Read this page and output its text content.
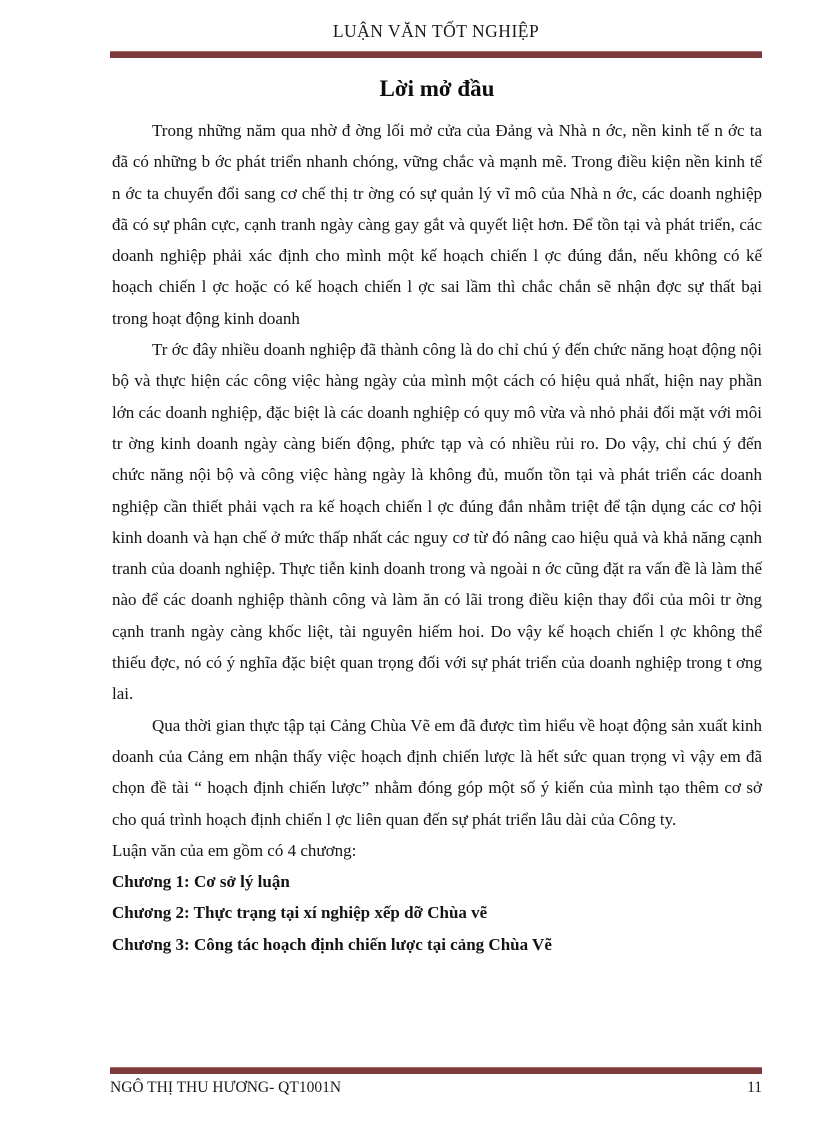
LUẬN VĂN TỐT NGHIỆP
Lời mở đầu

Trong những năm qua nhờ đ ờng lối mở cửa của Đảng và Nhà n ớc, nền kinh tế n ớc ta đã có những b ớc phát triển nhanh chóng, vững chắc và mạnh mẽ. Trong điều kiện nền kinh tế n ớc ta chuyển đổi sang cơ chế thị tr ờng có sự quản lý vĩ mô của Nhà n ớc, các doanh nghiệp đã có sự phân cực, cạnh tranh ngày càng gay gắt và quyết liệt hơn. Để tồn tại và phát triển, các doanh nghiệp phải xác định cho mình một kế hoạch chiến l ợc đúng đắn, nếu không có kế hoạch chiến l ợc hoặc có kế hoạch chiến l ợc sai lầm thì chắc chắn sẽ nhận đợc sự thất bại trong hoạt động kinh doanh

Tr ớc đây nhiều doanh nghiệp đã thành công là do chỉ chú ý đến chức năng hoạt động nội bộ và thực hiện các công việc hàng ngày của mình một cách có hiệu quả nhất, hiện nay phần lớn các doanh nghiệp, đặc biệt là các doanh nghiệp có quy mô vừa và nhỏ phải đối mặt với môi tr ờng kinh doanh ngày càng biến động, phức tạp và có nhiều rủi ro. Do vậy, chỉ chú ý đến chức năng nội bộ và công việc hàng ngày là không đủ, muốn tồn tại và phát triển các doanh nghiệp cần thiết phải vạch ra kế hoạch chiến l ợc đúng đắn nhằm triệt để tận dụng các cơ hội kinh doanh và hạn chế ở mức thấp nhất các nguy cơ từ đó nâng cao hiệu quả và khả năng cạnh tranh của doanh nghiệp. Thực tiễn kinh doanh trong và ngoài n ớc cũng đặt ra vấn đề là làm thế nào để các doanh nghiệp thành công và làm ăn có lãi trong điều kiện thay đổi của môi tr ờng cạnh tranh ngày càng khốc liệt, tài nguyên hiếm hoi. Do vậy kế hoạch chiến l ợc không thể thiếu đợc, nó có ý nghĩa đặc biệt quan trọng đối với sự phát triển của doanh nghiệp trong t ơng lai.

Qua thời gian thực tập tại Cảng Chùa Vẽ em đã được tìm hiểu về hoạt động sản xuất kinh doanh của Cảng em nhận thấy việc hoạch định chiến lược là hết sức quan trọng vì vậy em đã chọn đề tài “ hoạch định chiến lược” nhằm đóng góp một số ý kiến của mình tạo thêm cơ sở cho quá trình hoạch định chiến l ợc liên quan đến sự phát triển lâu dài của Công ty.

Luận văn của em gồm có 4 chương:

Chương 1: Cơ sở lý luận

Chương 2: Thực trạng tại xí nghiệp xếp dỡ Chùa vẽ

Chương 3: Công tác hoạch định chiến lược tại cảng Chùa Vẽ

NGÔ THỊ THU HƯƠNG- QT1001N	11
